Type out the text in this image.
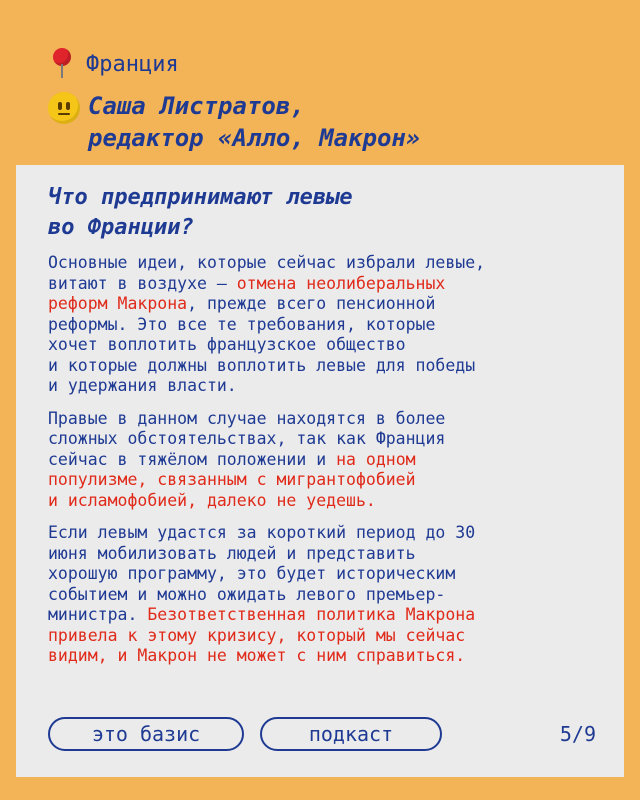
Франция
Саша Листратов,
редактор «Алло, Макрон»
Что предпринимают левые
во Франции?

Основные идеи, которые сейчас избрали левые,
витают в воздухе – отмена неолиберальных
реформ Макрона, прежде всего пенсионной
реформы. Это все те требования, которые
хочет воплотить французское общество
и которые должны воплотить левые для победы
и удержания власти.

Правые в данном случае находятся в более
сложных обстоятельствах, так как Франция
сейчас в тяжёлом положении и на одном
популизме, связанным с мигрантофобией
и исламофобией, далеко не уедешь.

Если левым удастся за короткий период до 30
июня мобилизовать людей и представить
хорошую программу, это будет историческим
событием и можно ожидать левого премьер-
министра. Безответственная политика Макрона
привела к этому кризису, который мы сейчас
видим, и Макрон не может с ним справиться.

это базис	подкаст	5/9
